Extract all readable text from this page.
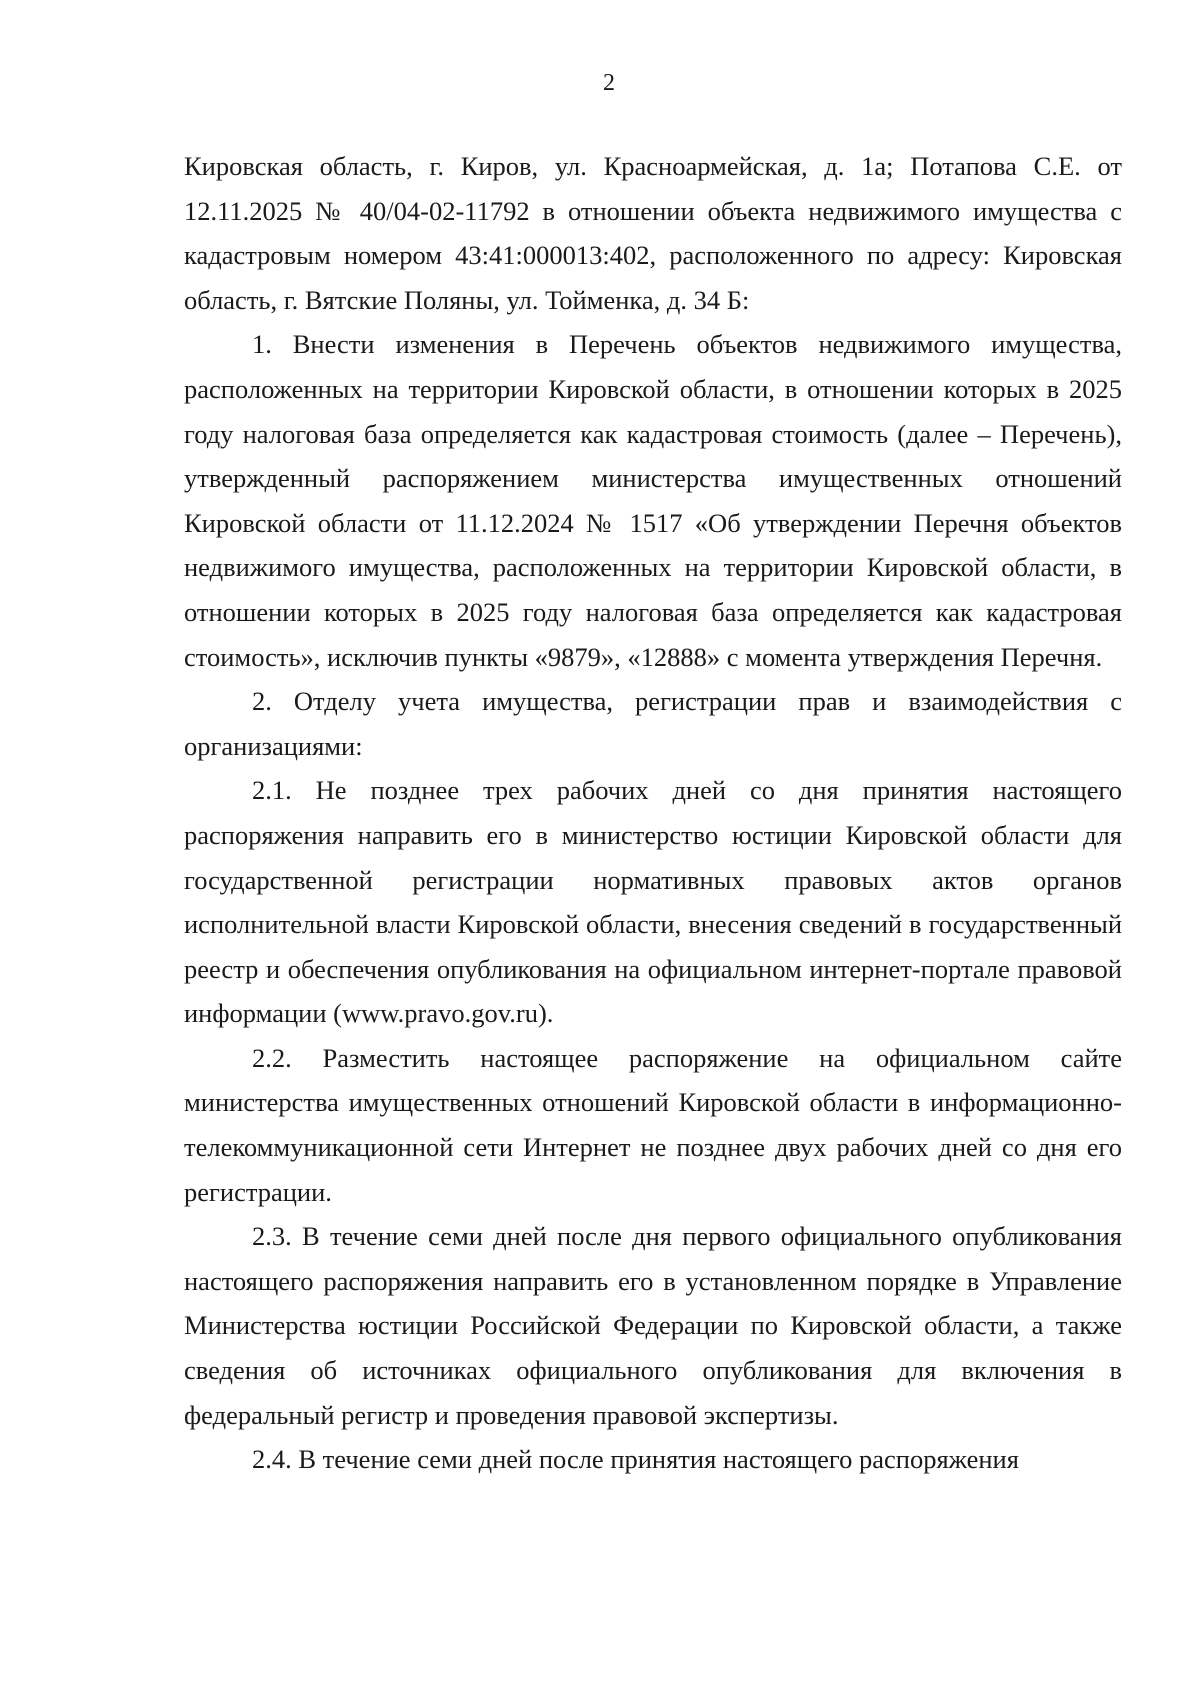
2

Кировская область, г. Киров, ул. Красноармейская, д. 1а; Потапова С.Е. от 12.11.2025 № 40/04-02-11792 в отношении объекта недвижимого имущества с кадастровым номером 43:41:000013:402, расположенного по адресу: Кировская область, г. Вятские Поляны, ул. Тойменка, д. 34 Б:

1. Внести изменения в Перечень объектов недвижимого имущества, расположенных на территории Кировской области, в отношении которых в 2025 году налоговая база определяется как кадастровая стоимость (далее – Перечень), утвержденный распоряжением министерства имущественных отношений Кировской области от 11.12.2024 № 1517 «Об утверждении Перечня объектов недвижимого имущества, расположенных на территории Кировской области, в отношении которых в 2025 году налоговая база определяется как кадастровая стоимость», исключив пункты «9879», «12888» с момента утверждения Перечня.

2. Отделу учета имущества, регистрации прав и взаимодействия с организациями:

2.1. Не позднее трех рабочих дней со дня принятия настоящего распоряжения направить его в министерство юстиции Кировской области для государственной регистрации нормативных правовых актов органов исполнительной власти Кировской области, внесения сведений в государственный реестр и обеспечения опубликования на официальном интернет-портале правовой информации (www.pravo.gov.ru).

2.2. Разместить настоящее распоряжение на официальном сайте министерства имущественных отношений Кировской области в информационно-телекоммуникационной сети Интернет не позднее двух рабочих дней со дня его регистрации.

2.3. В течение семи дней после дня первого официального опубликования настоящего распоряжения направить его в установленном порядке в Управление Министерства юстиции Российской Федерации по Кировской области, а также сведения об источниках официального опубликования для включения в федеральный регистр и проведения правовой экспертизы.

2.4. В течение семи дней после принятия настоящего распоряжения
